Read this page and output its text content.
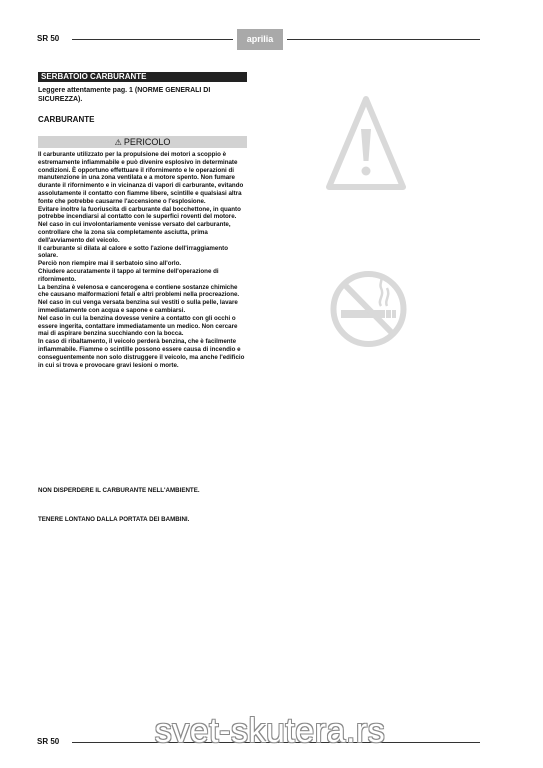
SR 50	aprilia
SERBATOIO CARBURANTE
Leggere attentamente pag. 1 (NORME GENERALI DI SICUREZZA).
CARBURANTE
⚠ PERICOLO

Il carburante utilizzato per la propulsione dei motori a scoppio è estremamente infiammabile e può divenire esplosivo in determinate condizioni. È opportuno effettuare il rifornimento e le operazioni di manutenzione in una zona ventilata e a motore spento. Non fumare durante il rifornimento e in vicinanza di vapori di carburante, evitando assolutamente il contatto con fiamme libere, scintille e qualsiasi altra fonte che potrebbe causarne l'accensione o l'esplosione.

Evitare inoltre la fuoriuscita di carburante dal bocchettone, in quanto potrebbe incendiarsi al contatto con le superfici roventi del motore.

Nel caso in cui involontariamente venisse versato del carburante, controllare che la zona sia completamente asciutta, prima dell'avviamento del veicolo.

Il carburante si dilata al calore e sotto l'azione dell'irraggiamento solare.

Perciò non riempire mai il serbatoio sino all'orlo.

Chiudere accuratamente il tappo al termine dell'operazione di rifornimento.

La benzina è velenosa e cancerogena e contiene sostanze chimiche che causano malformazioni fetali e altri problemi nella procreazione. Nel caso in cui venga versata benzina sui vestiti o sulla pelle, lavare immediatamente con acqua e sapone e cambiarsi.

Nel caso in cui la benzina dovesse venire a contatto con gli occhi o essere ingerita, contattare immediatamente un medico. Non cercare mai di aspirare benzina succhiando con la bocca.

In caso di ribaltamento, il veicolo perderà benzina, che è facilmente infiammabile. Fiamme o scintille possono essere causa di incendio e conseguentemente non solo distruggere il veicolo, ma anche l'edificio in cui si trova e provocare gravi lesioni o morte.

NON DISPERDERE IL CARBURANTE NELL'AMBIENTE.
TENERE LONTANO DALLA PORTATA DEI BAMBINI.
SR 50	svet-skutera.rs
